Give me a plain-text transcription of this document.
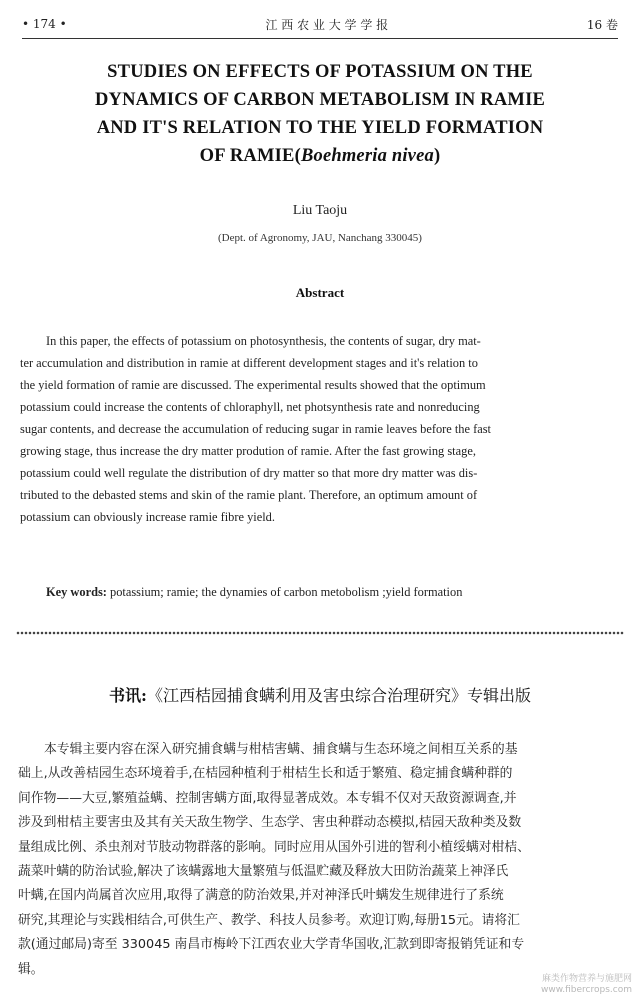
• 174 •	江 西 农 业 大 学 学 报	16 卷
STUDIES ON EFFECTS OF POTASSIUM ON THE
DYNAMICS OF CARBON METABOLISM IN RAMIE
AND IT'S RELATION TO THE YIELD FORMATION
OF RAMIE(Boehmeria nivea)
Liu Taoju
(Dept. of Agronomy, JAU, Nanchang 330045)
Abstract
In this paper, the effects of potassium on photosynthesis, the contents of sugar, dry mat-
ter accumulation and distribution in ramie at different development stages and it's relation to
the yield formation of ramie are discussed. The experimental results showed that the optimum
potassium could increase the contents of chloraphyll, net photsynthesis rate and nonreducing
sugar contents, and decrease the accumulation of reducing sugar in ramie leaves before the fast
growing stage, thus increase the dry matter prodution of ramie. After the fast growing stage,
potassium could well regulate the distribution of dry matter so that more dry matter was dis-
tributed to the debasted stems and skin of the ramie plant. Therefore, an optimum amount of
potassium can obviously increase ramie fibre yield.
Key words: potassium; ramie; the dynamies of carbon metobolism ;yield formation
书讯:《江西桔园捕食螨利用及害虫综合治理研究》专辑出版
本专辑主要内容在深入研究捕食螨与柑桔害螨、捕食螨与生态环境之间相互关系的基
础上,从改善桔园生态环境着手,在桔园种植利于柑桔生长和适于繁殖、稳定捕食螨种群的
间作物——大豆,繁殖益螨、控制害螨方面,取得显著成效。本专辑不仅对天敌资源调查,并
涉及到柑桔主要害虫及其有关天敌生物学、生态学、害虫种群动态模拟,桔园天敌种类及数
量组成比例、杀虫剂对节肢动物群落的影响。同时应用从国外引进的智利小植绥螨对柑桔、
蔬菜叶螨的防治试验,解决了该螨露地大量繁殖与低温贮藏及释放大田防治蔬菜上神泽氏
叶螨,在国内尚属首次应用,取得了满意的防治效果,并对神泽氏叶螨发生规律进行了系统
研究,其理论与实践相结合,可供生产、教学、科技人员参考。欢迎订购,每册15元。请将汇
款(通过邮局)寄至 330045 南昌市梅岭下江西农业大学青华国收,汇款到即寄报销凭证和专
辑。
麻类作物营养与施肥网
www.fibercrops.com
